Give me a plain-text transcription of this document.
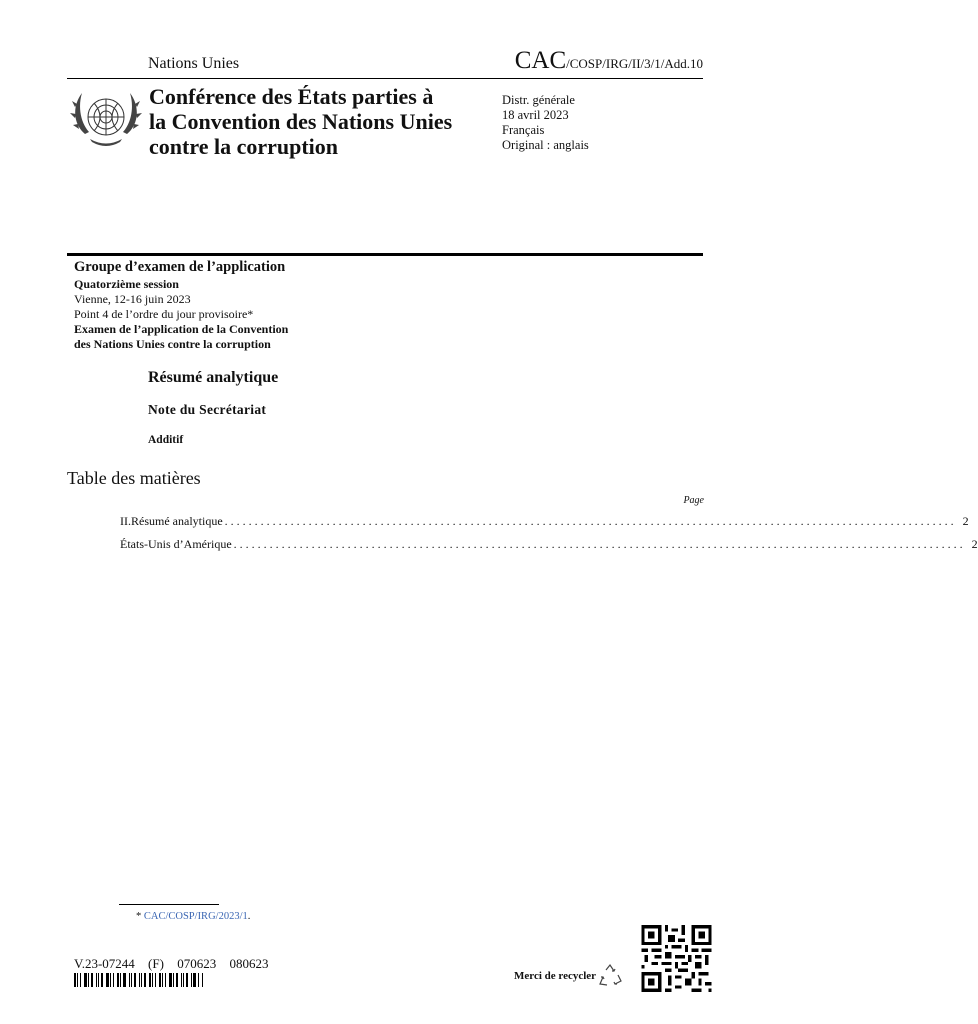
Nations Unies	CAC/COSP/IRG/II/3/1/Add.10
Conférence des États parties à
la Convention des Nations Unies
contre la corruption
Distr. générale
18 avril 2023
Français
Original : anglais
Groupe d’examen de l’application
Quatorzième session
Vienne, 12-16 juin 2023
Point 4 de l’ordre du jour provisoire*
Examen de l’application de la Convention
des Nations Unies contre la corruption
Résumé analytique
Note du Secrétariat
Additif
Table des matières
Page
II. Résumé analytique .......................................................................................................................... 2
États-Unis d’Amérique .......................................................................................................................... 2
* CAC/COSP/IRG/2023/1.
V.23-07244 (F) 070623 080623
Merci de recycler
